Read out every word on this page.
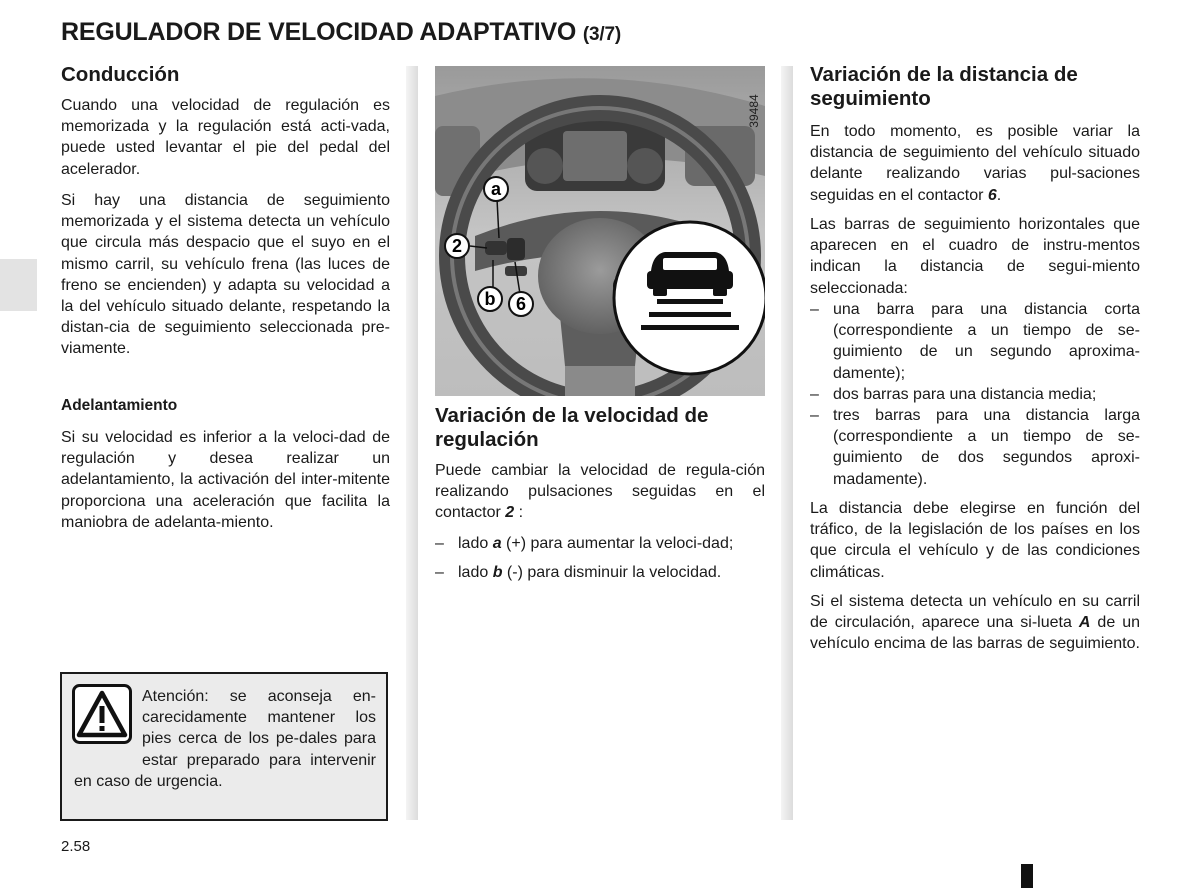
REGULADOR DE VELOCIDAD ADAPTATIVO (3/7)
Conducción

Cuando una velocidad de regulación es memorizada y la regulación está acti-vada, puede usted levantar el pie del pedal del acelerador.

Si hay una distancia de seguimiento memorizada y el sistema detecta un vehículo que circula más despacio que el suyo en el mismo carril, su vehículo frena (las luces de freno se encienden) y adapta su velocidad a la del vehículo situado delante, respetando la distan-cia de seguimiento seleccionada pre-viamente.

Adelantamiento

Si su velocidad es inferior a la veloci-dad de regulación y desea realizar un adelantamiento, la activación del inter-mitente proporciona una aceleración que facilita la maniobra de adelanta-miento.

Atención: se aconseja en-carecidamente mantener los pies cerca de los pe-dales para estar preparado para intervenir en caso de urgencia.
a
2
b 6
39484
Variación de la velocidad de regulación

Puede cambiar la velocidad de regula-ción realizando pulsaciones seguidas en el contactor 2 :

– lado a (+) para aumentar la veloci-dad;
– lado b (-) para disminuir la velocidad.
Variación de la distancia de seguimiento

En todo momento, es posible variar la distancia de seguimiento del vehículo situado delante realizando varias pul-saciones seguidas en el contactor 6.

Las barras de seguimiento horizontales que aparecen en el cuadro de instru-mentos indican la distancia de segui-miento seleccionada:

– una barra para una distancia corta (correspondiente a un tiempo de se-guimiento de un segundo aproxima-damente);
– dos barras para una distancia media;
– tres barras para una distancia larga (correspondiente a un tiempo de se-guimiento de dos segundos aproxi-madamente).

La distancia debe elegirse en función del tráfico, de la legislación de los países en los que circula el vehículo y de las condiciones climáticas.

Si el sistema detecta un vehículo en su carril de circulación, aparece una si-lueta A de un vehículo encima de las barras de seguimiento.

2.58
